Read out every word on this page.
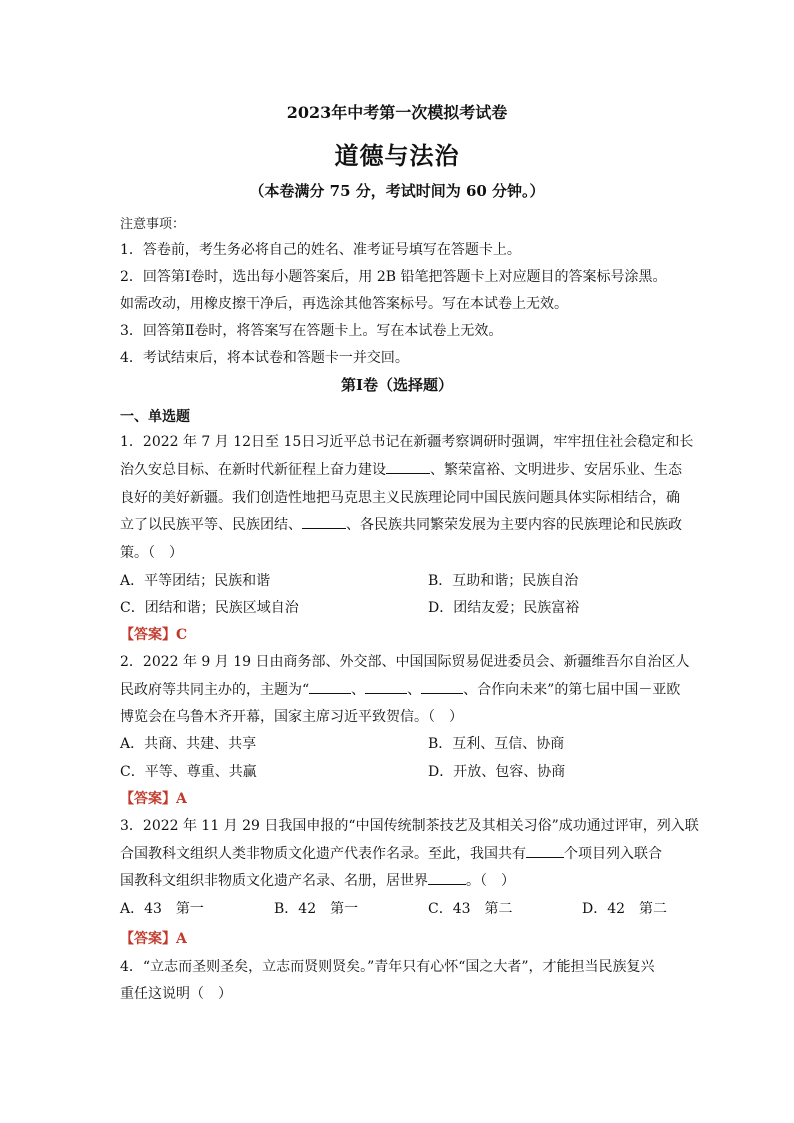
2023年中考第一次模拟考试卷
道德与法治
（本卷满分 75 分，考试时间为 60 分钟。）
注意事项：
1．答卷前，考生务必将自己的姓名、准考证号填写在答题卡上。
2．回答第Ⅰ卷时，选出每小题答案后，用 2B 铅笔把答题卡上对应题目的答案标号涂黑。
如需改动，用橡皮擦干净后，再选涂其他答案标号。写在本试卷上无效。
3．回答第Ⅱ卷时，将答案写在答题卡上。写在本试卷上无效。
4．考试结束后，将本试卷和答题卡一并交回。
第Ⅰ卷（选择题）
一、单选题
1．2022 年 7 月 12日至 15日习近平总书记在新疆考察调研时强调，牢牢扭住社会稳定和长
治久安总目标、在新时代新征程上奋力建设	、繁荣富裕、文明进步、安居乐业、生态
良好的美好新疆。我们创造性地把马克思主义民族理论同中国民族问题具体实际相结合，确
立了以民族平等、民族团结、	、各民族共同繁荣发展为主要内容的民族理论和民族政
策。（　）
A．平等团结；民族和谐	B．互助和谐；民族自治
C．团结和谐；民族区域自治	D．团结友爱；民族富裕
【答案】C
2．2022 年 9 月 19 日由商务部、外交部、中国国际贸易促进委员会、新疆维吾尔自治区人
民政府等共同主办的，主题为“	、	、	、合作向未来”的第七届中国－亚欧
博览会在乌鲁木齐开幕，国家主席习近平致贺信。（　）
A．共商、共建、共享	B．互利、互信、协商
C．平等、尊重、共赢	D．开放、包容、协商
【答案】A
3．2022 年 11 月 29 日我国申报的“中国传统制茶技艺及其相关习俗”成功通过评审，列入联
合国教科文组织人类非物质文化遗产代表作名录。至此，我国共有	个项目列入联合
国教科文组织非物质文化遗产名录、名册，居世界	。（　）
A．43　第一	B．42　第一	C．43　第二	D．42　第二
【答案】A
4．“立志而圣则圣矣，立志而贤则贤矣。”青年只有心怀“国之大者”，才能担当民族复兴
重任这说明（　）
